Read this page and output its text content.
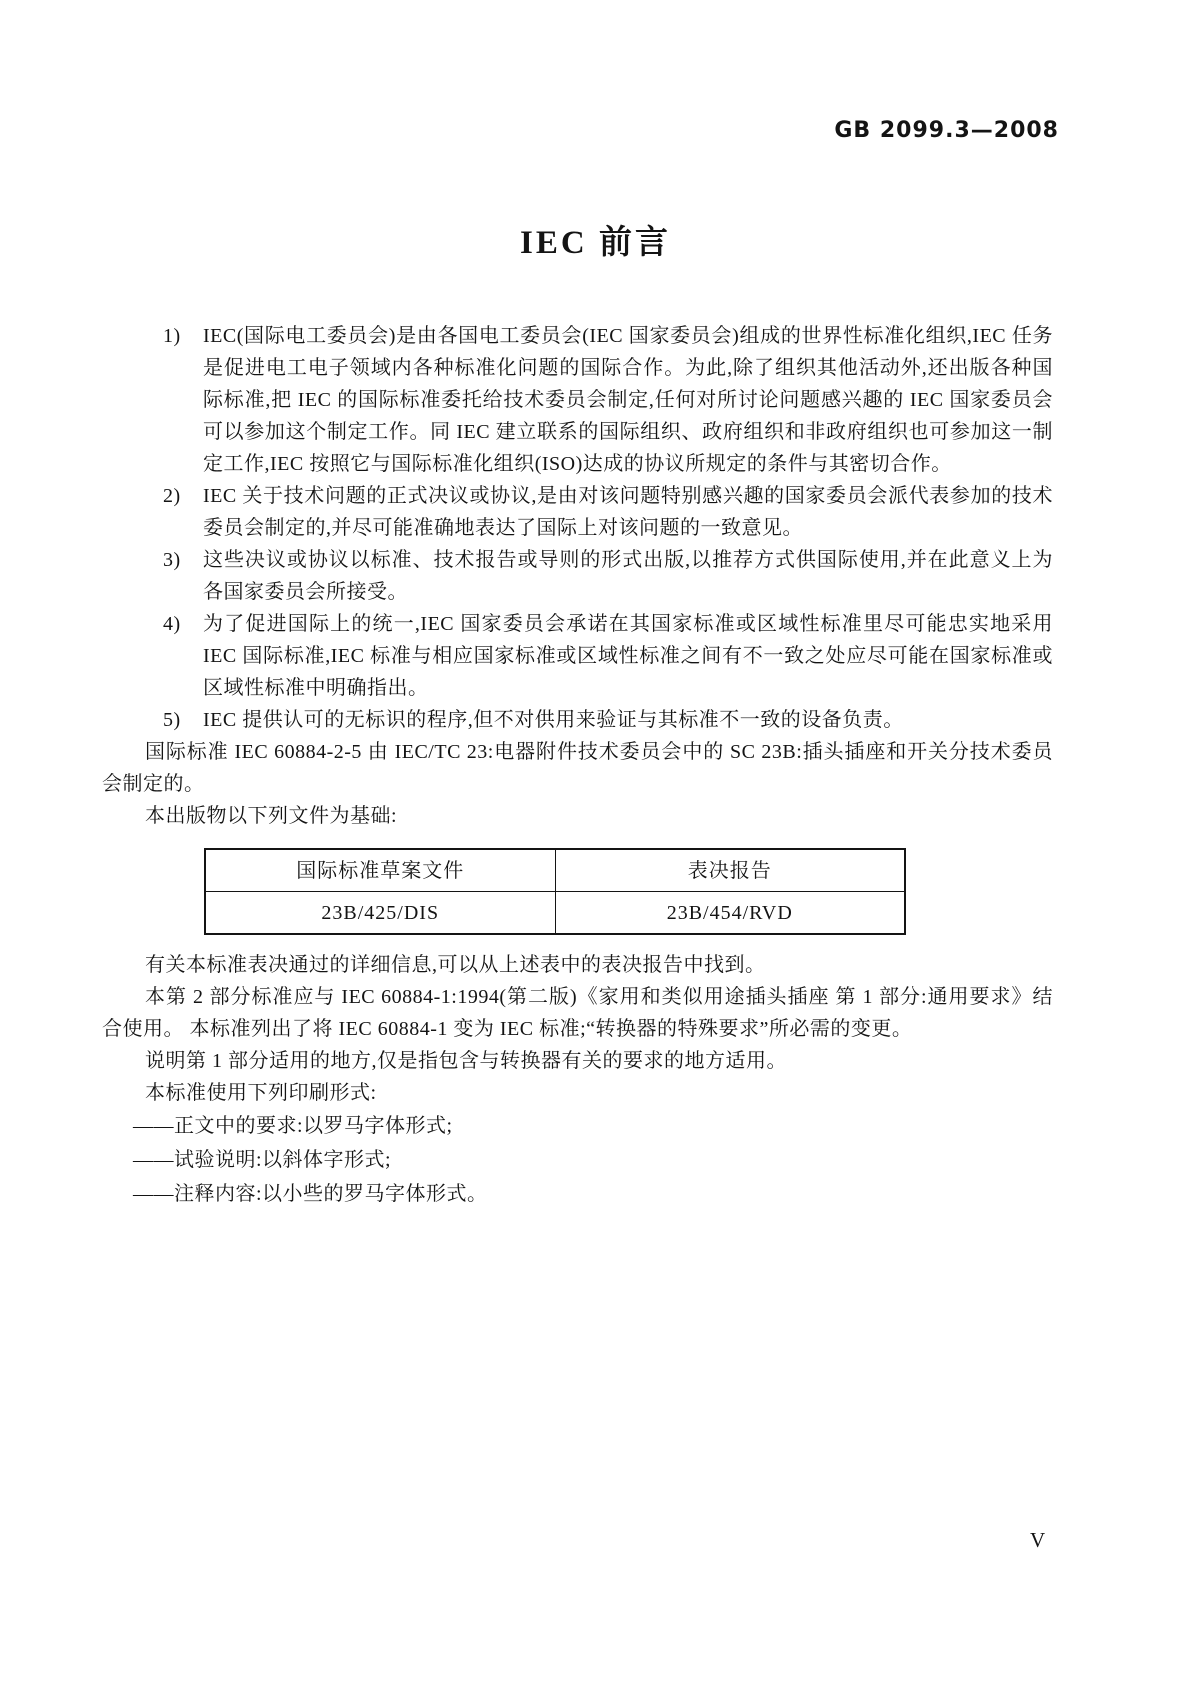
GB 2099.3—2008
IEC 前言
1)	IEC(国际电工委员会)是由各国电工委员会(IEC 国家委员会)组成的世界性标准化组织,IEC 任务是促进电工电子领域内各种标准化问题的国际合作。为此,除了组织其他活动外,还出版各种国际标准,把 IEC 的国际标准委托给技术委员会制定,任何对所讨论问题感兴趣的 IEC 国家委员会可以参加这个制定工作。同 IEC 建立联系的国际组织、政府组织和非政府组织也可参加这一制定工作,IEC 按照它与国际标准化组织(ISO)达成的协议所规定的条件与其密切合作。
2)	IEC 关于技术问题的正式决议或协议,是由对该问题特别感兴趣的国家委员会派代表参加的技术委员会制定的,并尽可能准确地表达了国际上对该问题的一致意见。
3)	这些决议或协议以标准、技术报告或导则的形式出版,以推荐方式供国际使用,并在此意义上为各国家委员会所接受。
4)	为了促进国际上的统一,IEC 国家委员会承诺在其国家标准或区域性标准里尽可能忠实地采用 IEC 国际标准,IEC 标准与相应国家标准或区域性标准之间有不一致之处应尽可能在国家标准或区域性标准中明确指出。
5)	IEC 提供认可的无标识的程序,但不对供用来验证与其标准不一致的设备负责。

国际标准 IEC 60884-2-5 由 IEC/TC 23:电器附件技术委员会中的 SC 23B:插头插座和开关分技术委员会制定的。

本出版物以下列文件为基础:

国际标准草案文件	表决报告
23B/425/DIS	23B/454/RVD

有关本标准表决通过的详细信息,可以从上述表中的表决报告中找到。

本第 2 部分标准应与 IEC 60884-1:1994(第二版)《家用和类似用途插头插座 第 1 部分:通用要求》结合使用。 本标准列出了将 IEC 60884-1 变为 IEC 标准;“转换器的特殊要求”所必需的变更。

说明第 1 部分适用的地方,仅是指包含与转换器有关的要求的地方适用。

本标准使用下列印刷形式:

——正文中的要求:以罗马字体形式;
——试验说明:以斜体字形式;
——注释内容:以小些的罗马字体形式。
V
